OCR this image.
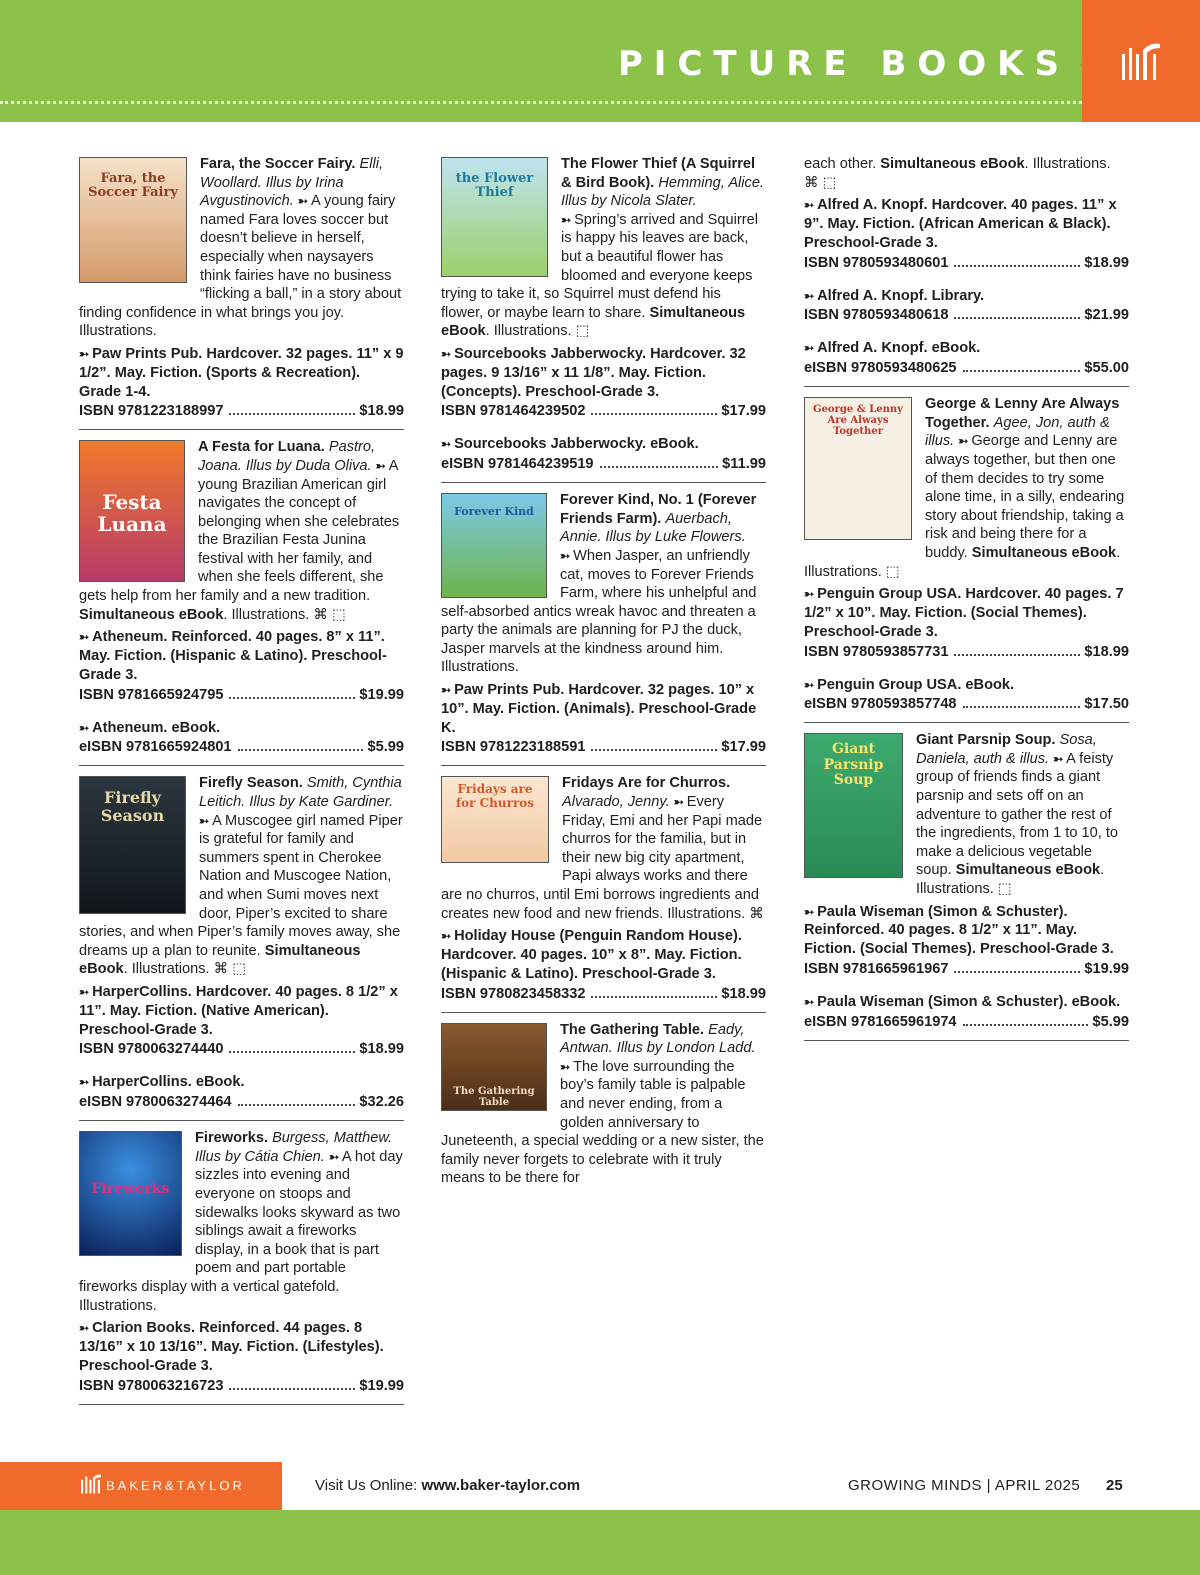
PICTURE BOOKS
Fara, the Soccer Fairy

Fara, the Soccer Fairy. Elli, Woollard. Illus by Irina Avgustinovich. ➳ A young fairy named Fara loves soccer but doesn’t believe in herself, especially when naysayers think fairies have no business “flicking a ball,” in a story about finding confidence in what brings you joy. Illustrations.

➳ Paw Prints Pub. Hardcover. 32 pages. 11” x 9 1/2”. May. Fiction. (Sports & Recreation). Grade 1-4.
ISBN 9781223188997	$18.99
Festa Luana

A Festa for Luana. Pastro, Joana. Illus by Duda Oliva. ➳ A young Brazilian American girl navigates the concept of belonging when she celebrates the Brazilian Festa Junina festival with her family, and when she feels different, she gets help from her family and a new tradition. Simultaneous eBook. Illustrations. ⌘ ⬚

➳ Atheneum. Reinforced. 40 pages. 8” x 11”. May. Fiction. (Hispanic & Latino). Preschool-Grade 3.
ISBN 9781665924795	$19.99
➳ Atheneum. eBook.
eISBN 9781665924801	$5.99
Firefly Season

Firefly Season. Smith, Cynthia Leitich. Illus by Kate Gardiner. ➳ A Muscogee girl named Piper is grateful for family and summers spent in Cherokee Nation and Muscogee Nation, and when Sumi moves next door, Piper’s excited to share stories, and when Piper’s family moves away, she dreams up a plan to reunite. Simultaneous eBook. Illustrations. ⌘ ⬚

➳ HarperCollins. Hardcover. 40 pages. 8 1/2” x 11”. May. Fiction. (Native American). Preschool-Grade 3.
ISBN 9780063274440	$18.99
➳ HarperCollins. eBook.
eISBN 9780063274464	$32.26
Fireworks

Fireworks. Burgess, Matthew. Illus by Cátia Chien. ➳ A hot day sizzles into evening and everyone on stoops and sidewalks looks skyward as two siblings await a fireworks display, in a book that is part poem and part portable fireworks display with a vertical gatefold. Illustrations.

➳ Clarion Books. Reinforced. 44 pages. 8 13/16” x 10 13/16”. May. Fiction. (Lifestyles). Preschool-Grade 3.
ISBN 9780063216723	$19.99
the Flower Thief

The Flower Thief (A Squirrel & Bird Book). Hemming, Alice. Illus by Nicola Slater. ➳ Spring’s arrived and Squirrel is happy his leaves are back, but a beautiful flower has bloomed and everyone keeps trying to take it, so Squirrel must defend his flower, or maybe learn to share. Simultaneous eBook. Illustrations. ⬚

➳ Sourcebooks Jabberwocky. Hardcover. 32 pages. 9 13/16” x 11 1/8”. May. Fiction. (Concepts). Preschool-Grade 3.
ISBN 9781464239502	$17.99
➳ Sourcebooks Jabberwocky. eBook.
eISBN 9781464239519	$11.99
Forever Kind

Forever Kind, No. 1 (Forever Friends Farm). Auerbach, Annie. Illus by Luke Flowers. ➳ When Jasper, an unfriendly cat, moves to Forever Friends Farm, where his unhelpful and self-absorbed antics wreak havoc and threaten a party the animals are planning for PJ the duck, Jasper marvels at the kindness around him. Illustrations.

➳ Paw Prints Pub. Hardcover. 32 pages. 10” x 10”. May. Fiction. (Animals). Preschool-Grade K.
ISBN 9781223188591	$17.99
Fridays are for Churros

Fridays Are for Churros. Alvarado, Jenny. ➳ Every Friday, Emi and her Papi made churros for the familia, but in their new big city apartment, Papi always works and there are no churros, until Emi borrows ingredients and creates new food and new friends. Illustrations. ⌘

➳ Holiday House (Penguin Random House). Hardcover. 40 pages. 10” x 8”. May. Fiction. (Hispanic & Latino). Preschool-Grade 3.
ISBN 9780823458332	$18.99
The Gathering Table

The Gathering Table. Eady, Antwan. Illus by London Ladd. ➳ The love surrounding the boy’s family table is palpable and never ending, from a golden anniversary to Juneteenth, a special wedding or a new sister, the family never forgets to celebrate with it truly means to be there for

each other. Simultaneous eBook. Illustrations. ⌘ ⬚

➳ Alfred A. Knopf. Hardcover. 40 pages. 11” x 9”. May. Fiction. (African American & Black). Preschool-Grade 3.
ISBN 9780593480601	$18.99
➳ Alfred A. Knopf. Library.
ISBN 9780593480618	$21.99
➳ Alfred A. Knopf. eBook.
eISBN 9780593480625	$55.00
George & Lenny Are Always Together

George & Lenny Are Always Together. Agee, Jon, auth & illus. ➳ George and Lenny are always together, but then one of them decides to try some alone time, in a silly, endearing story about friendship, taking a risk and being there for a buddy. Simultaneous eBook. Illustrations. ⬚

➳ Penguin Group USA. Hardcover. 40 pages. 7 1/2” x 10”. May. Fiction. (Social Themes). Preschool-Grade 3.
ISBN 9780593857731	$18.99
➳ Penguin Group USA. eBook.
eISBN 9780593857748	$17.50
Giant Parsnip Soup

Giant Parsnip Soup. Sosa, Daniela, auth & illus. ➳ A feisty group of friends finds a giant parsnip and sets off on an adventure to gather the rest of the ingredients, from 1 to 10, to make a delicious vegetable soup. Simultaneous eBook. Illustrations. ⬚

➳ Paula Wiseman (Simon & Schuster). Reinforced. 40 pages. 8 1/2” x 11”. May. Fiction. (Social Themes). Preschool-Grade 3.
ISBN 9781665961967	$19.99
➳ Paula Wiseman (Simon & Schuster). eBook.
eISBN 9781665961974	$5.99
BAKER&TAYLOR	Visit Us Online: www.baker-taylor.com	GROWING MINDS | APRIL 2025 25
